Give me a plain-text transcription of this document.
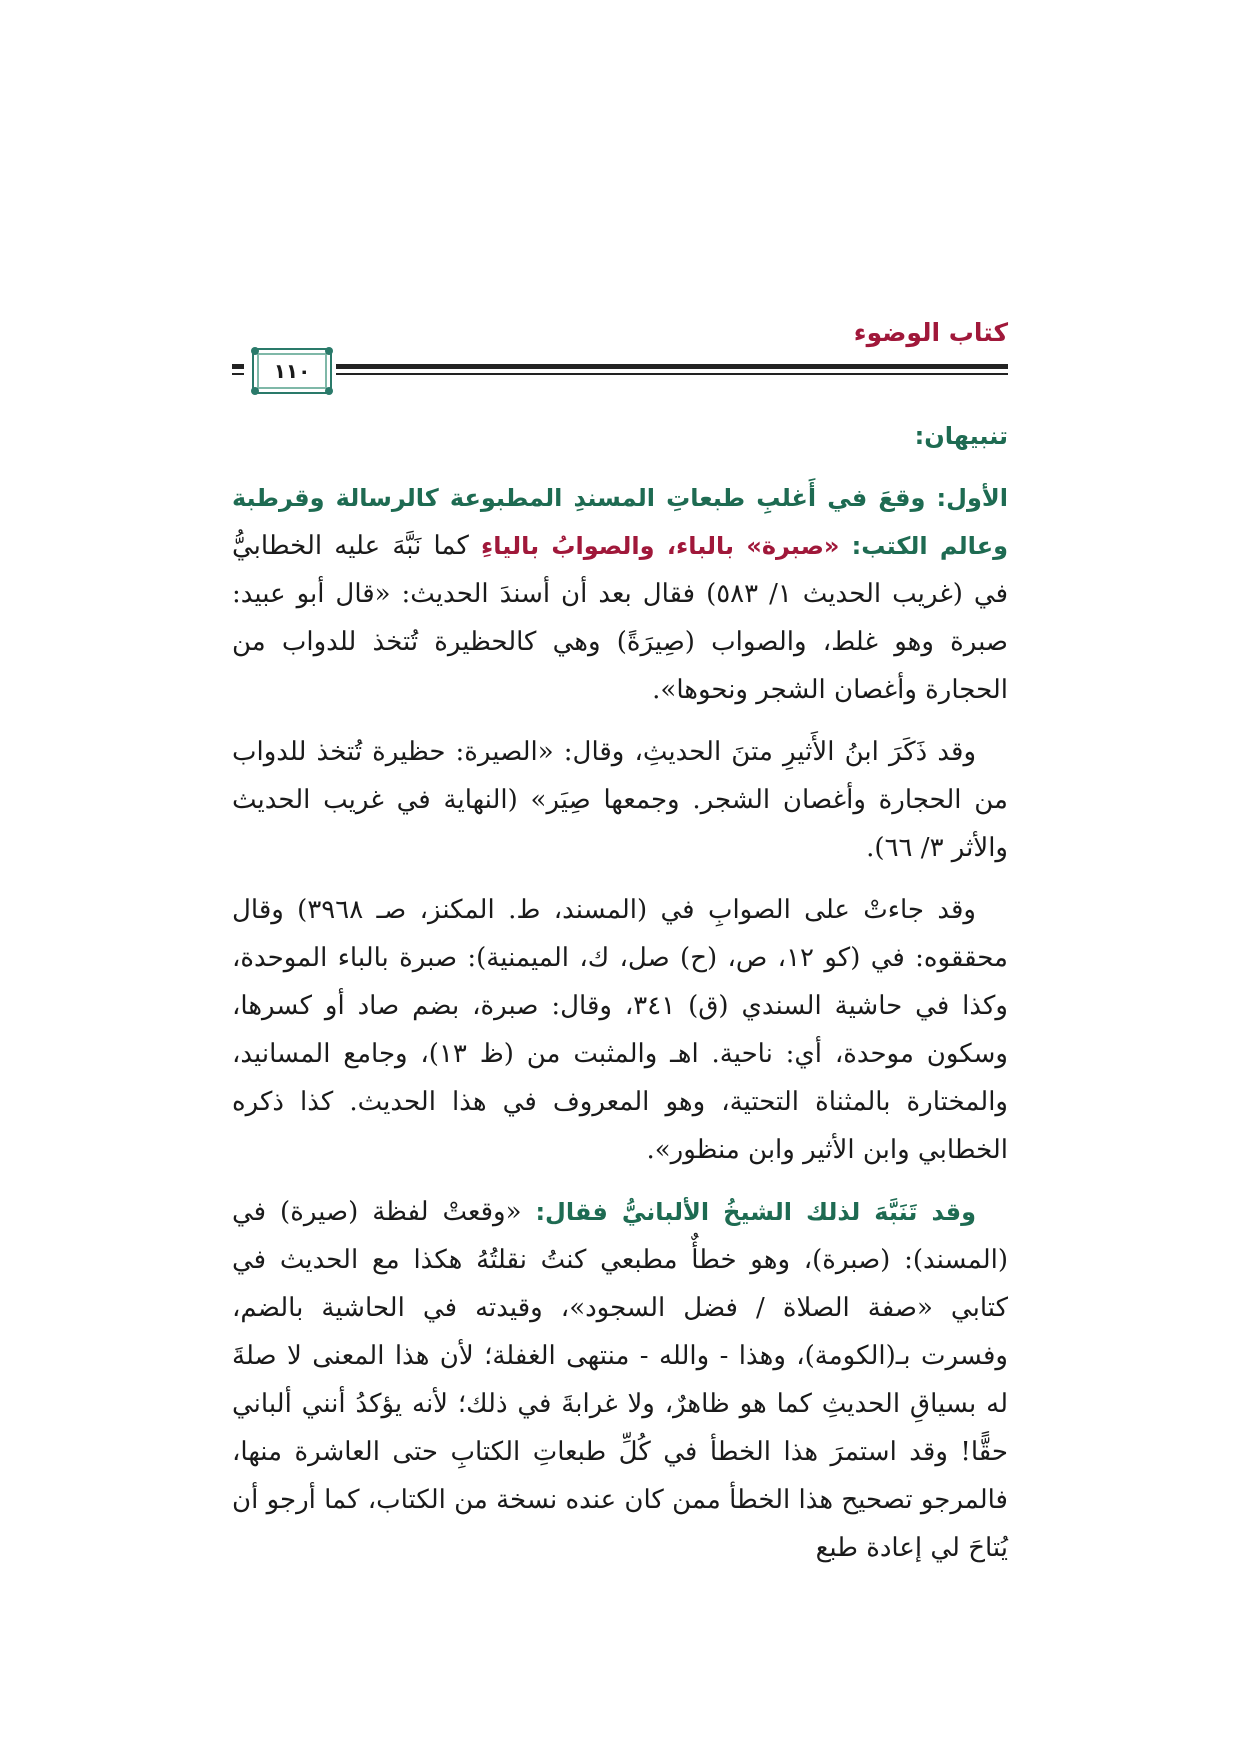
كتاب الوضوء
١١٠

تنبيهان:

الأول: وقعَ في أَغلبِ طبعاتِ المسندِ المطبوعة كالرسالة وقرطبة وعالم الكتب: «صبرة» بالباء، والصوابُ بالياءِ كما نَبَّهَ عليه الخطابيُّ في (غريب الحديث ١/ ٥٨٣) فقال بعد أن أسندَ الحديث: «قال أبو عبيد: صبرة وهو غلط، والصواب (صِيرَةً) وهي كالحظيرة تُتخذ للدواب من الحجارة وأغصان الشجر ونحوها».

وقد ذَكَرَ ابنُ الأَثيرِ متنَ الحديثِ، وقال: «الصيرة: حظيرة تُتخذ للدواب من الحجارة وأغصان الشجر. وجمعها صِيَر» (النهاية في غريب الحديث والأثر ٣/ ٦٦).

وقد جاءتْ على الصوابِ في (المسند، ط. المكنز، صـ ٣٩٦٨) وقال محققوه: في (كو ١٢، ص، (ح) صل، ك، الميمنية): صبرة بالباء الموحدة، وكذا في حاشية السندي (ق) ٣٤١، وقال: صبرة، بضم صاد أو كسرها، وسكون موحدة، أي: ناحية. اهـ والمثبت من (ظ ١٣)، وجامع المسانيد، والمختارة بالمثناة التحتية، وهو المعروف في هذا الحديث. كذا ذكره الخطابي وابن الأثير وابن منظور».

وقد تَنَبَّهَ لذلك الشيخُ الألبانيُّ فقال: «وقعتْ لفظة (صيرة) في (المسند): (صبرة)، وهو خطأٌ مطبعي كنتُ نقلتُهُ هكذا مع الحديث في كتابي «صفة الصلاة / فضل السجود»، وقيدته في الحاشية بالضم، وفسرت بـ(الكومة)، وهذا - والله - منتهى الغفلة؛ لأن هذا المعنى لا صلةَ له بسياقِ الحديثِ كما هو ظاهرٌ، ولا غرابةَ في ذلك؛ لأنه يؤكدُ أنني ألباني حقًّا! وقد استمرَ هذا الخطأ في كُلِّ طبعاتِ الكتابِ حتى العاشرة منها، فالمرجو تصحيح هذا الخطأ ممن كان عنده نسخة من الكتاب، كما أرجو أن يُتاحَ لي إعادة طبع
